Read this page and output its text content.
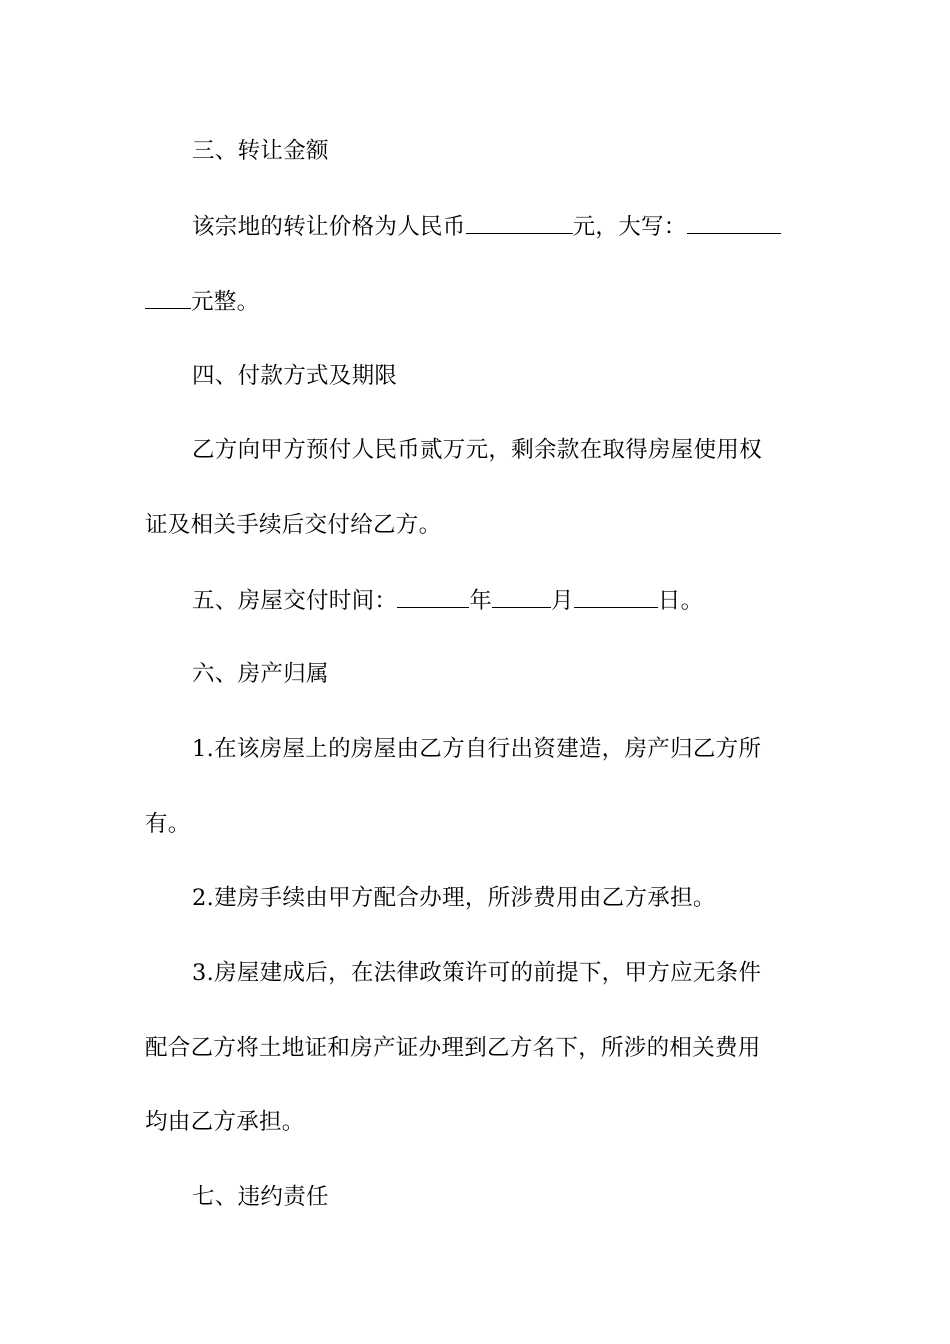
三、转让金额
该宗地的转让价格为人民币	元，大写：
元整。
四、付款方式及期限
乙方向甲方预付人民币贰万元，剩余款在取得房屋使用权
证及相关手续后交付给乙方。
五、房屋交付时间：	年	月	日。
六、房产归属
1.在该房屋上的房屋由乙方自行出资建造，房产归乙方所
有。
2.建房手续由甲方配合办理，所涉费用由乙方承担。
3.房屋建成后，在法律政策许可的前提下，甲方应无条件
配合乙方将土地证和房产证办理到乙方名下，所涉的相关费用
均由乙方承担。
七、违约责任
